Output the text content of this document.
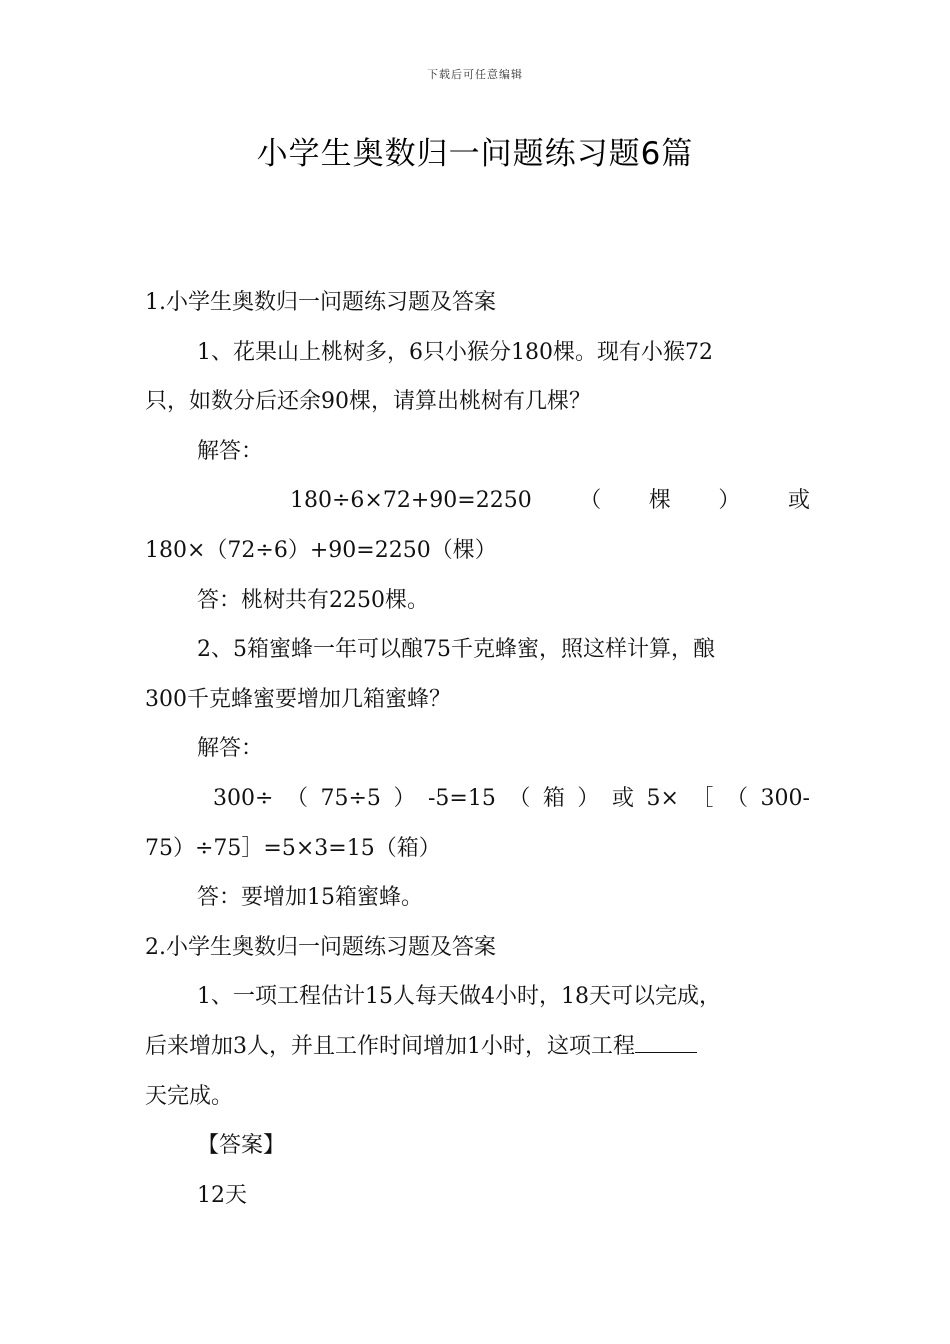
下载后可任意编辑
小学生奥数归一问题练习题6篇
1.小学生奥数归一问题练习题及答案
1、花果山上桃树多，6只小猴分180棵。现有小猴72
只，如数分后还余90棵，请算出桃树有几棵？
解答：
180÷6×72+90=2250 （ 棵 ） 或
180×（72÷6）+90=2250（棵）
答：桃树共有2250棵。
2、5箱蜜蜂一年可以酿75千克蜂蜜，照这样计算，酿
300千克蜂蜜要增加几箱蜜蜂？
解答：
300÷ （ 75÷5 ） -5=15 （ 箱 ） 或 5× ［ （ 300-
75）÷75］=5×3=15（箱）
答：要增加15箱蜜蜂。
2.小学生奥数归一问题练习题及答案
1、一项工程估计15人每天做4小时，18天可以完成，
后来增加3人，并且工作时间增加1小时，这项工程
天完成。
【答案】
12天
